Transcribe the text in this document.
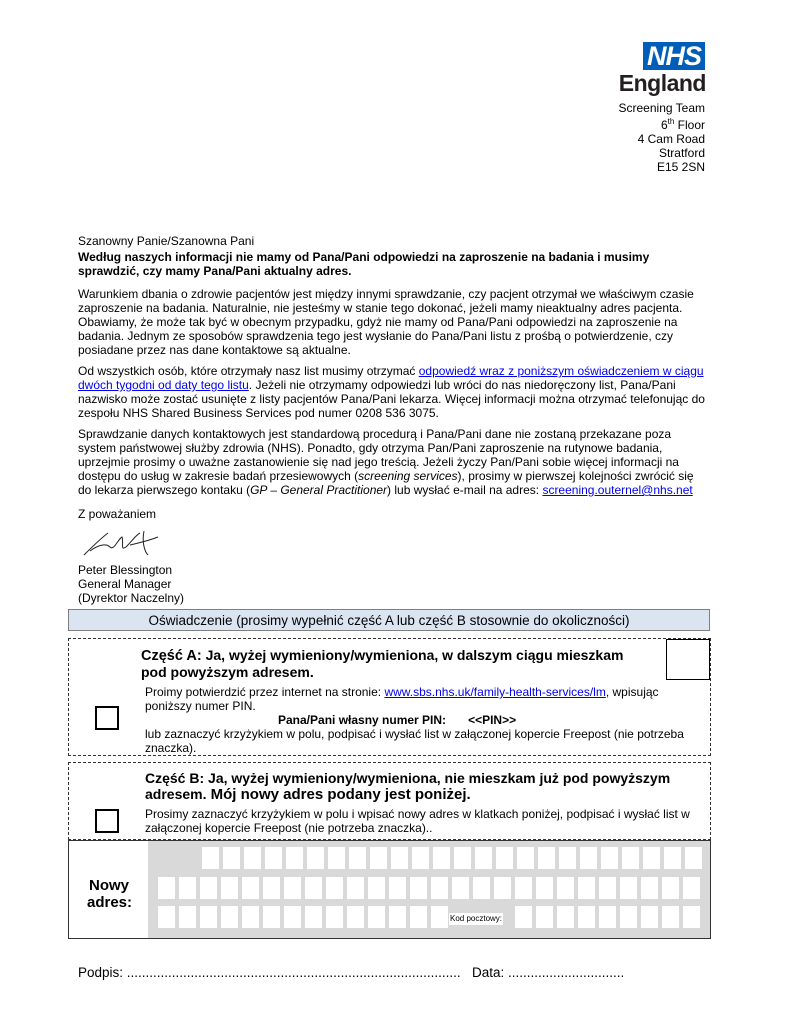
NHS
England
Screening Team
6th Floor
4 Cam Road
Stratford
E15 2SN

Szanowny Panie/Szanowna Pani

Według naszych informacji nie mamy od Pana/Pani odpowiedzi na zaproszenie na badania i musimy sprawdzić, czy mamy Pana/Pani aktualny adres.

Warunkiem dbania o zdrowie pacjentów jest między innymi sprawdzanie, czy pacjent otrzymał we właściwym czasie zaproszenie na badania. Naturalnie, nie jesteśmy w stanie tego dokonać, jeżeli mamy nieaktualny adres pacjenta. Obawiamy, że może tak być w obecnym przypadku, gdyż nie mamy od Pana/Pani odpowiedzi na zaproszenie na badania. Jednym ze sposobów sprawdzenia tego jest wysłanie do Pana/Pani listu z prośbą o potwierdzenie, czy posiadane przez nas dane kontaktowe są aktualne.

Od wszystkich osób, które otrzymały nasz list musimy otrzymać odpowiedź wraz z poniższym oświadczeniem w ciągu dwóch tygodni od daty tego listu. Jeżeli nie otrzymamy odpowiedzi lub wróci do nas niedoręczony list, Pana/Pani nazwisko może zostać usunięte z listy pacjentów Pana/Pani lekarza. Więcej informacji można otrzymać telefonując do zespołu NHS Shared Business Services pod numer 0208 536 3075.

Sprawdzanie danych kontaktowych jest standardową procedurą i Pana/Pani dane nie zostaną przekazane poza system państwowej służby zdrowia (NHS). Ponadto, gdy otrzyma Pan/Pani zaproszenie na rutynowe badania, uprzejmie prosimy o uważne zastanowienie się nad jego treścią. Jeżeli życzy Pan/Pani sobie więcej informacji na dostępu do usług w zakresie badań przesiewowych (screening services), prosimy w pierwszej kolejności zwrócić się do lekarza pierwszego kontaku (GP – General Practitioner) lub wysłać e-mail na adres: screening.outernel@nhs.net

Z poważaniem

Peter Blessington
General Manager
(Dyrektor Naczelny)
Oświadczenie (prosimy wypełnić część A lub część B stosownie do okoliczności)
Część A: Ja, wyżej wymieniony/wymieniona, w dalszym ciągu mieszkam pod powyższym adresem.
Proimy potwierdzić przez internet na stronie: www.sbs.nhs.uk/family-health-services/lm, wpisując poniższy numer PIN.
Pana/Pani własny numer PIN: <<PIN>>
lub zaznaczyć krzyżykiem w polu, podpisać i wysłać list w załączonej kopercie Freepost (nie potrzeba znaczka).
Część B: Ja, wyżej wymieniony/wymieniona, nie mieszkam już pod powyższym adresem. Mój nowy adres podany jest poniżej.
Prosimy zaznaczyć krzyżykiem w polu i wpisać nowy adres w klatkach poniżej, podpisać i wysłać list w załączonej kopercie Freepost (nie potrzeba znaczka)..
Nowy adres:
Kod pocztowy:
Podpis: ......................................................................................... Data: ...............................
